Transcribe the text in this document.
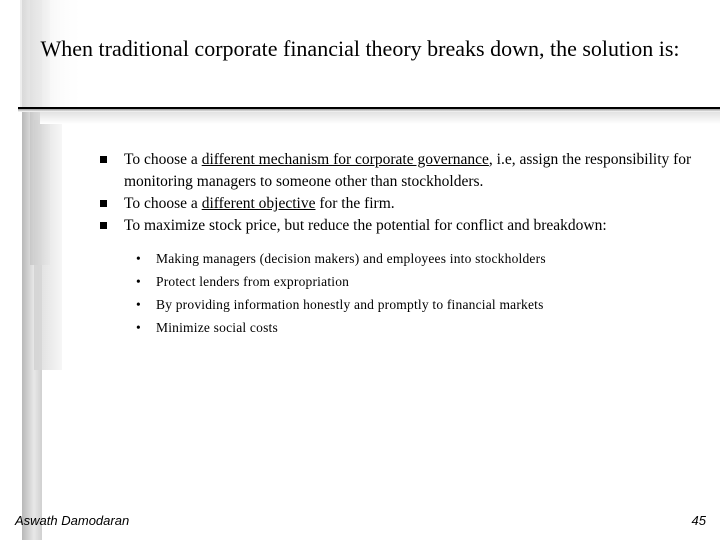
When traditional corporate financial theory breaks down, the solution is:
To choose a different mechanism for corporate governance, i.e, assign the responsibility for monitoring managers to someone other than stockholders.
To choose a different objective for the firm.
To maximize stock price, but reduce the potential for conflict and breakdown:
• Making managers (decision makers) and employees into stockholders
• Protect lenders from expropriation
• By providing information honestly and promptly to financial markets
• Minimize social costs
Aswath Damodaran	45
